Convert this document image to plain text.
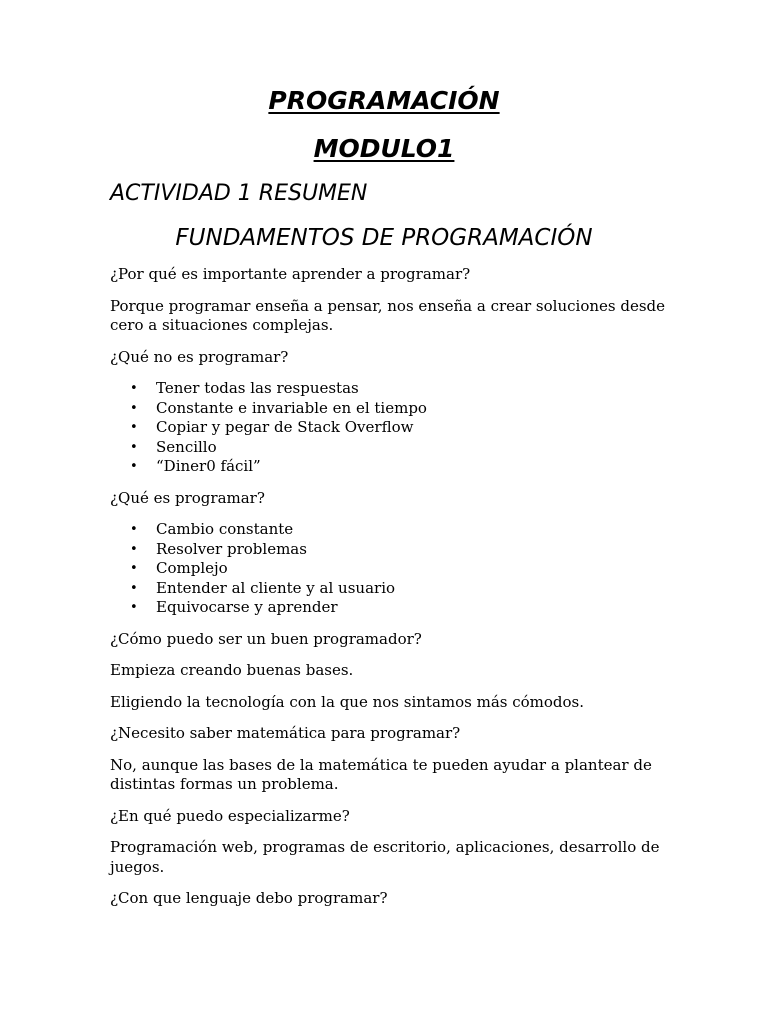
PROGRAMACIÓN
MODULO1
ACTIVIDAD 1 RESUMEN
FUNDAMENTOS DE PROGRAMACIÓN

¿Por qué es importante aprender a programar?

Porque programar enseña a pensar, nos enseña a crear soluciones desde cero a situaciones complejas.

¿Qué no es programar?

• Tener todas las respuestas
• Constante e invariable en el tiempo
• Copiar y pegar de Stack Overflow
• Sencillo
• “Diner0 fácil”

¿Qué es programar?

• Cambio constante
• Resolver problemas
• Complejo
• Entender al cliente y al usuario
• Equivocarse y aprender

¿Cómo puedo ser un buen programador?

Empieza creando buenas bases.

Eligiendo la tecnología con la que nos sintamos más cómodos.

¿Necesito saber matemática para programar?

No, aunque las bases de la matemática te pueden ayudar a plantear de distintas formas un problema.

¿En qué puedo especializarme?

Programación web, programas de escritorio, aplicaciones, desarrollo de juegos.

¿Con que lenguaje debo programar?
